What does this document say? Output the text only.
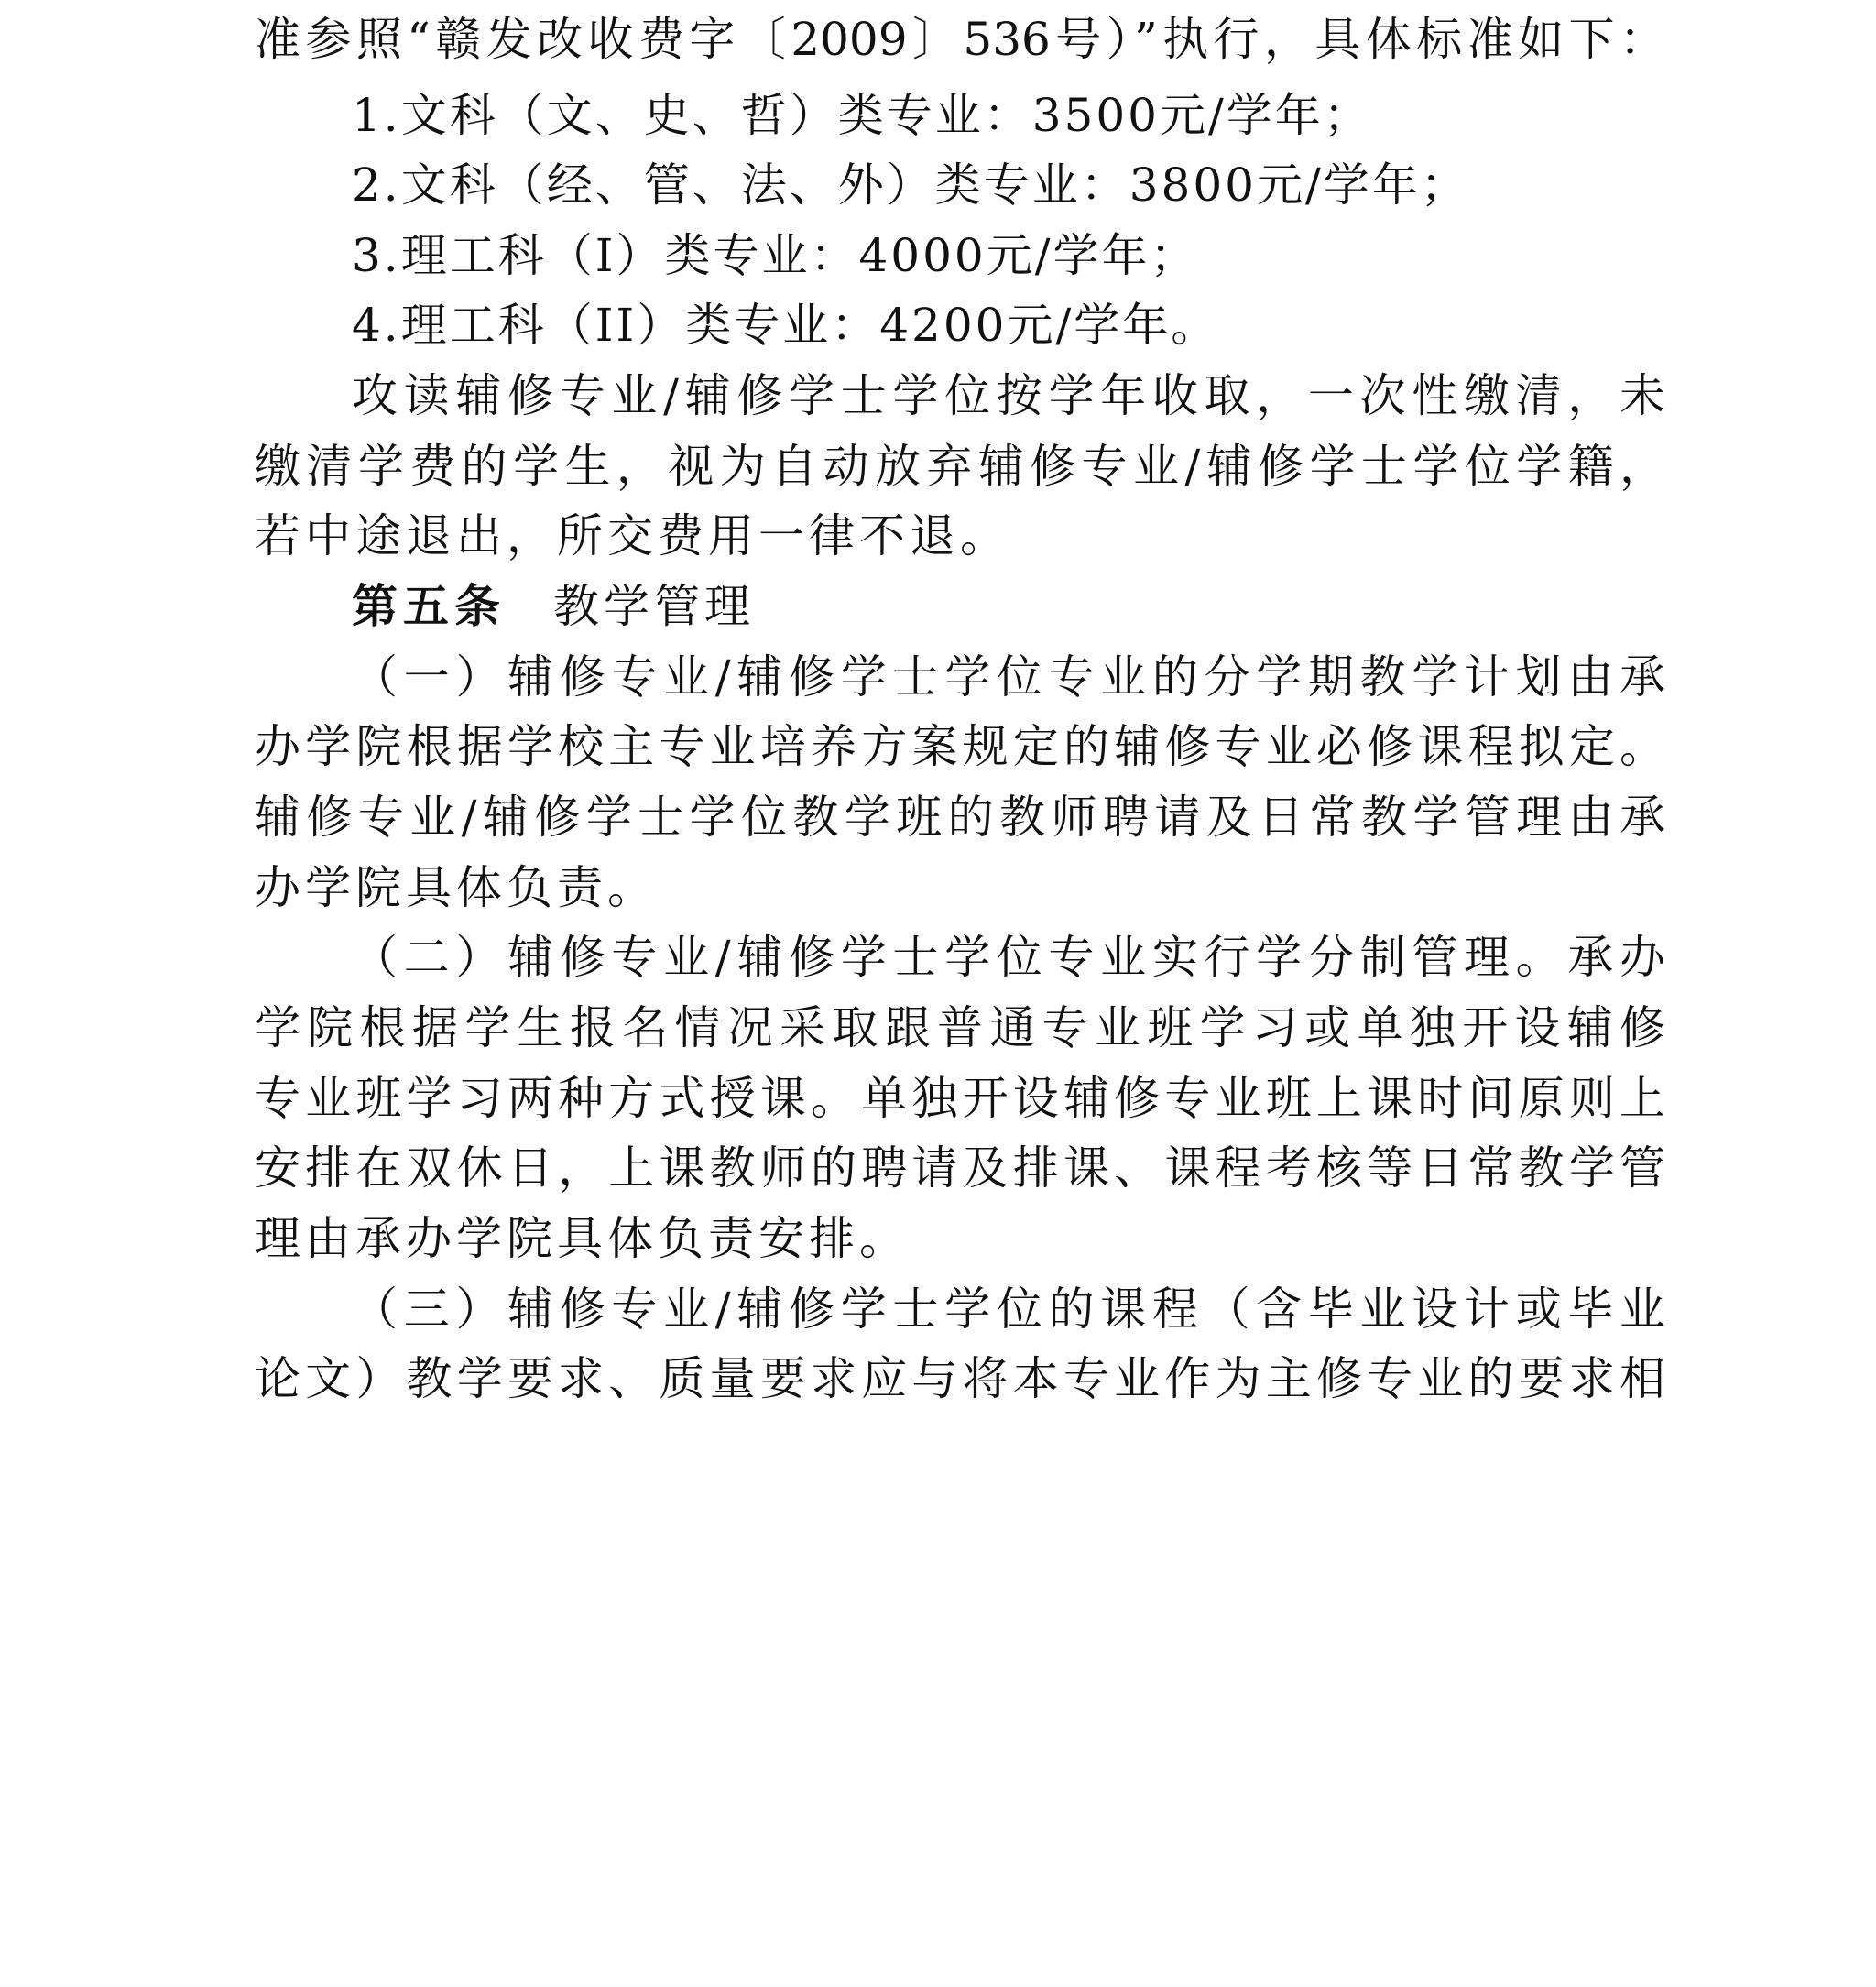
准参照“赣发改收费字〔2009〕536号）”执行，具体标准如下：
1.文科（文、史、哲）类专业：3500元/学年；
2.文科（经、管、法、外）类专业：3800元/学年；
3.理工科（I）类专业：4000元/学年；
4.理工科（II）类专业：4200元/学年。
攻读辅修专业/辅修学士学位按学年收取，一次性缴清，未
缴清学费的学生，视为自动放弃辅修专业/辅修学士学位学籍，
若中途退出，所交费用一律不退。
第五条 教学管理
（一）辅修专业/辅修学士学位专业的分学期教学计划由承
办学院根据学校主专业培养方案规定的辅修专业必修课程拟定。
辅修专业/辅修学士学位教学班的教师聘请及日常教学管理由承
办学院具体负责。
（二）辅修专业/辅修学士学位专业实行学分制管理。承办
学院根据学生报名情况采取跟普通专业班学习或单独开设辅修
专业班学习两种方式授课。单独开设辅修专业班上课时间原则上
安排在双休日，上课教师的聘请及排课、课程考核等日常教学管
理由承办学院具体负责安排。
（三）辅修专业/辅修学士学位的课程（含毕业设计或毕业
论文）教学要求、质量要求应与将本专业作为主修专业的要求相
